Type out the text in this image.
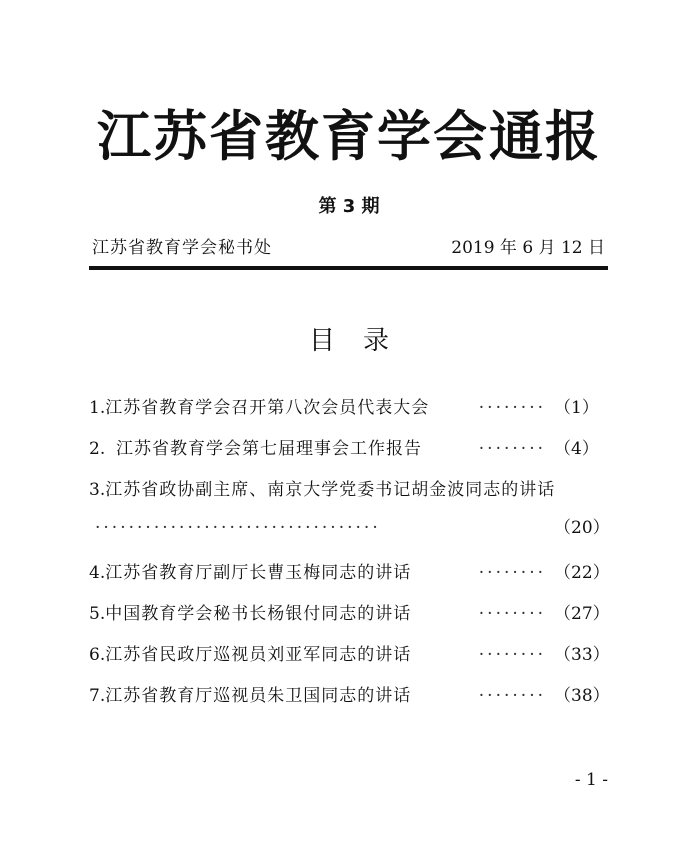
江苏省教育学会通报
第 3 期
江苏省教育学会秘书处	2019 年 6 月 12 日
目录
1. 江苏省教育学会召开第八次会员代表大会	········ （1）
2. 江苏省教育学会第七届理事会工作报告	········ （4）
3. 江苏省政协副主席、南京大学党委书记胡金波同志的讲话
··································	（20）
4. 江苏省教育厅副厅长曹玉梅同志的讲话	········ （22）
5. 中国教育学会秘书长杨银付同志的讲话	········ （27）
6. 江苏省民政厅巡视员刘亚军同志的讲话	········ （33）
7. 江苏省教育厅巡视员朱卫国同志的讲话	········ （38）
- 1 -
